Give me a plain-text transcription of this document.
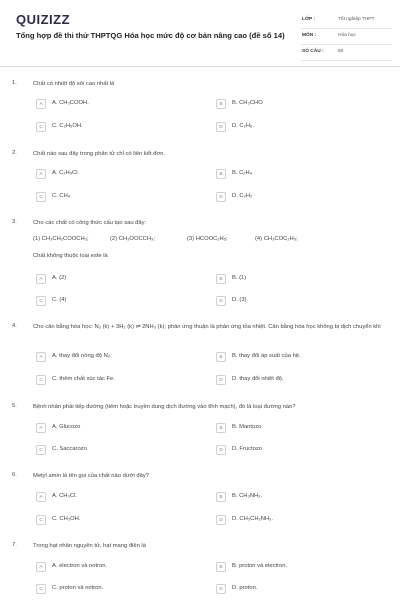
QUIZIZZ
Tổng hợp đề thi thử THPTQG Hóa học mức độ cơ bản nâng cao (đề số 14)
LỚP :	Tốt nghiệp THPT
MÔN :	Hóa học
SỐ CÂU :	50
1.	Chất có nhiệt độ sôi cao nhất là
A	A. CH₃COOH.	B	B. CH₃CHO
C	C. C₂H₅OH.	D	D. C₂H₆.
2.	Chất nào sau đây trong phân tử chỉ có liên kết đơn.
A	A. C₂H₅Cl.	B	B. C₂H₄
C	C. CH₄	D	D. C₂H₂
3.	Cho các chất có công thức cấu tạo sau đây:
(1) CH₃CH₂COOCH₃;	(2) CH₃OOCCH₃;	(3) HCOOC₂H₅;	(4) CH₃COC₂H₅;
Chất không thuộc loại este là
A	A. (2)	B	B. (1)
C	C. (4)	D	D. (3)
4.	Cho cân bằng hóa học: N₂ (k) + 3H₂ (k) ⇌ 2NH₃ (k); phản ứng thuận là phản ứng tỏa nhiệt. Cân bằng hóa học không bị dịch chuyển khi
A	A. thay đổi nồng độ N₂.	B	B. thay đổi áp suất của hệ.
C	C. thêm chất xúc tác Fe.	D	D. thay đổi nhiệt độ.
5.	Bệnh nhân phải tiếp đường (tiêm hoặc truyền dung dịch đường vào tĩnh mạch), đó là loại đường nào?
A	A. Glucozo	B	B. Mantozo
C	C. Saccarozo	D	D. Fructozo
6.	Metyl amin là tên gọi của chất nào dưới đây?
A	A. CH₃Cl.	B	B. CH₃NH₂.
C	C. CH₃OH.	D	D. CH₃CH₂NH₂.
7.	Trong hạt nhân nguyên tử, hạt mang điện là
A	A. electron và notron.	B	B. proton và electron.
C	C. proton và notron.	D	D. proton.
